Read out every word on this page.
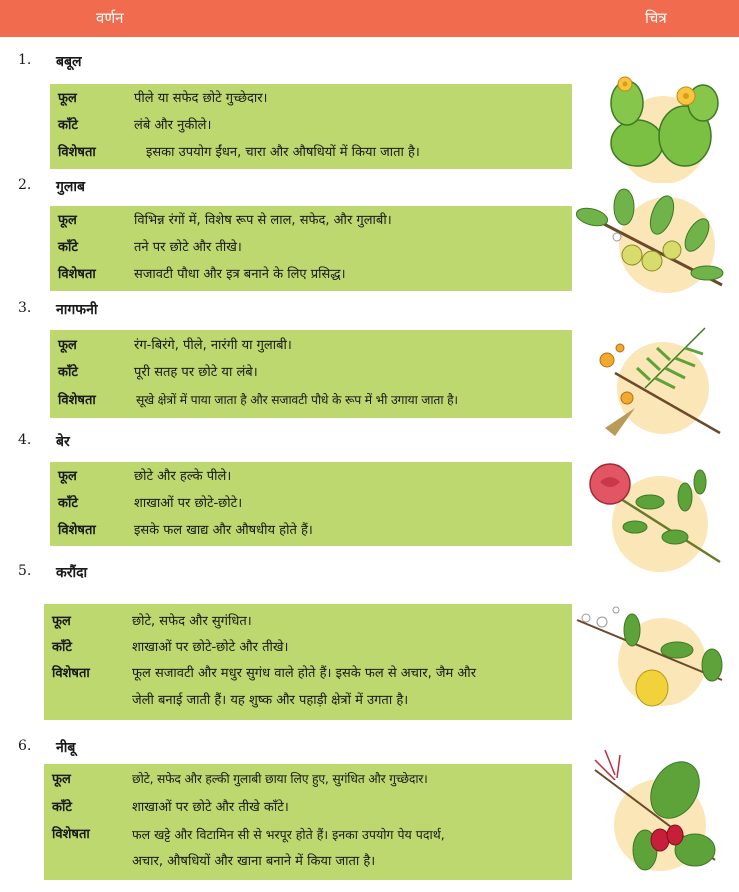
वर्णन	चित्र
1. बबूल
फूल	पीले या सफेद छोटे गुच्छेदार।
काँटे	लंबे और नुकीले।
विशेषता	इसका उपयोग ईंधन, चारा और औषधियों में किया जाता है।
2. गुलाब
फूल	विभिन्न रंगों में, विशेष रूप से लाल, सफेद, और गुलाबी।
काँटे	तने पर छोटे और तीखे।
विशेषता	सजावटी पौधा और इत्र बनाने के लिए प्रसिद्ध।
3. नागफनी
फूल	रंग-बिरंगे, पीले, नारंगी या गुलाबी।
काँटे	पूरी सतह पर छोटे या लंबे।
विशेषता	सूखे क्षेत्रों में पाया जाता है और सजावटी पौधे के रूप में भी उगाया जाता है।
4. बेर
फूल	छोटे और हल्के पीले।
काँटे	शाखाओं पर छोटे-छोटे।
विशेषता	इसके फल खाद्य और औषधीय होते हैं।
5. करौंदा
फूल	छोटे, सफेद और सुगंधित।
काँटे	शाखाओं पर छोटे-छोटे और तीखे।
विशेषता	फूल सजावटी और मधुर सुगंध वाले होते हैं। इसके फल से अचार, जैम और
जेली बनाई जाती हैं। यह शुष्क और पहाड़ी क्षेत्रों में उगता है।
6. नीबू
फूल	छोटे, सफेद और हल्की गुलाबी छाया लिए हुए, सुगंधित और गुच्छेदार।
काँटे	शाखाओं पर छोटे और तीखे काँटे।
विशेषता	फल खट्टे और विटामिन सी से भरपूर होते हैं। इनका उपयोग पेय पदार्थ,
अचार, औषधियों और खाना बनाने में किया जाता है।
